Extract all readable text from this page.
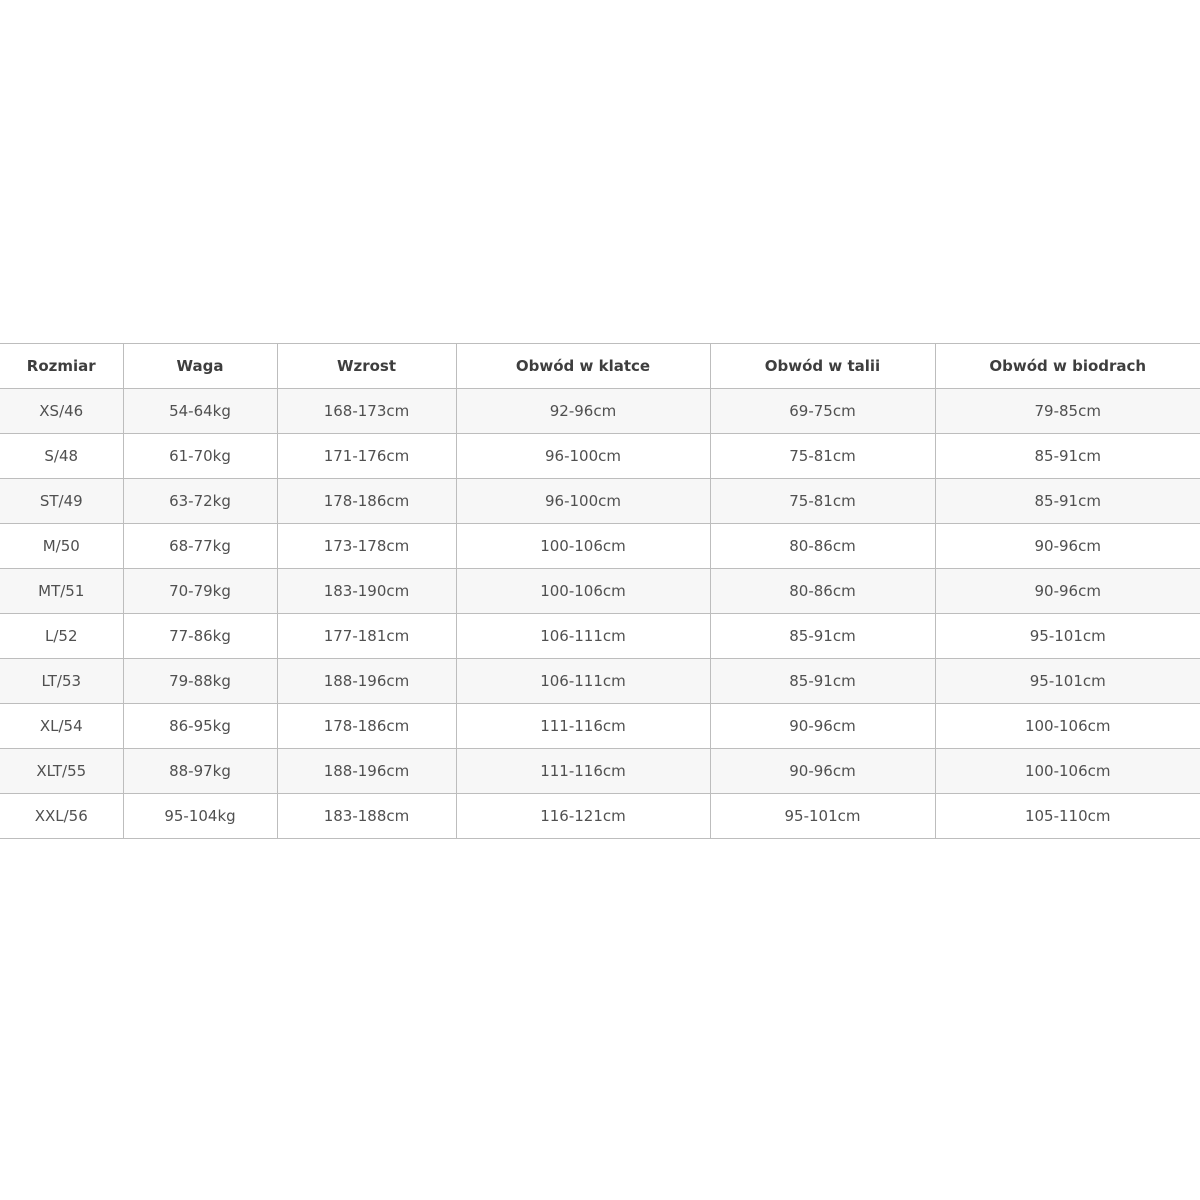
Rozmiar	Waga	Wzrost	Obwód w klatce	Obwód w talii	Obwód w biodrach
XS/46	54-64kg	168-173cm	92-96cm	69-75cm	79-85cm
S/48	61-70kg	171-176cm	96-100cm	75-81cm	85-91cm
ST/49	63-72kg	178-186cm	96-100cm	75-81cm	85-91cm
M/50	68-77kg	173-178cm	100-106cm	80-86cm	90-96cm
MT/51	70-79kg	183-190cm	100-106cm	80-86cm	90-96cm
L/52	77-86kg	177-181cm	106-111cm	85-91cm	95-101cm
LT/53	79-88kg	188-196cm	106-111cm	85-91cm	95-101cm
XL/54	86-95kg	178-186cm	111-116cm	90-96cm	100-106cm
XLT/55	88-97kg	188-196cm	111-116cm	90-96cm	100-106cm
XXL/56	95-104kg	183-188cm	116-121cm	95-101cm	105-110cm
